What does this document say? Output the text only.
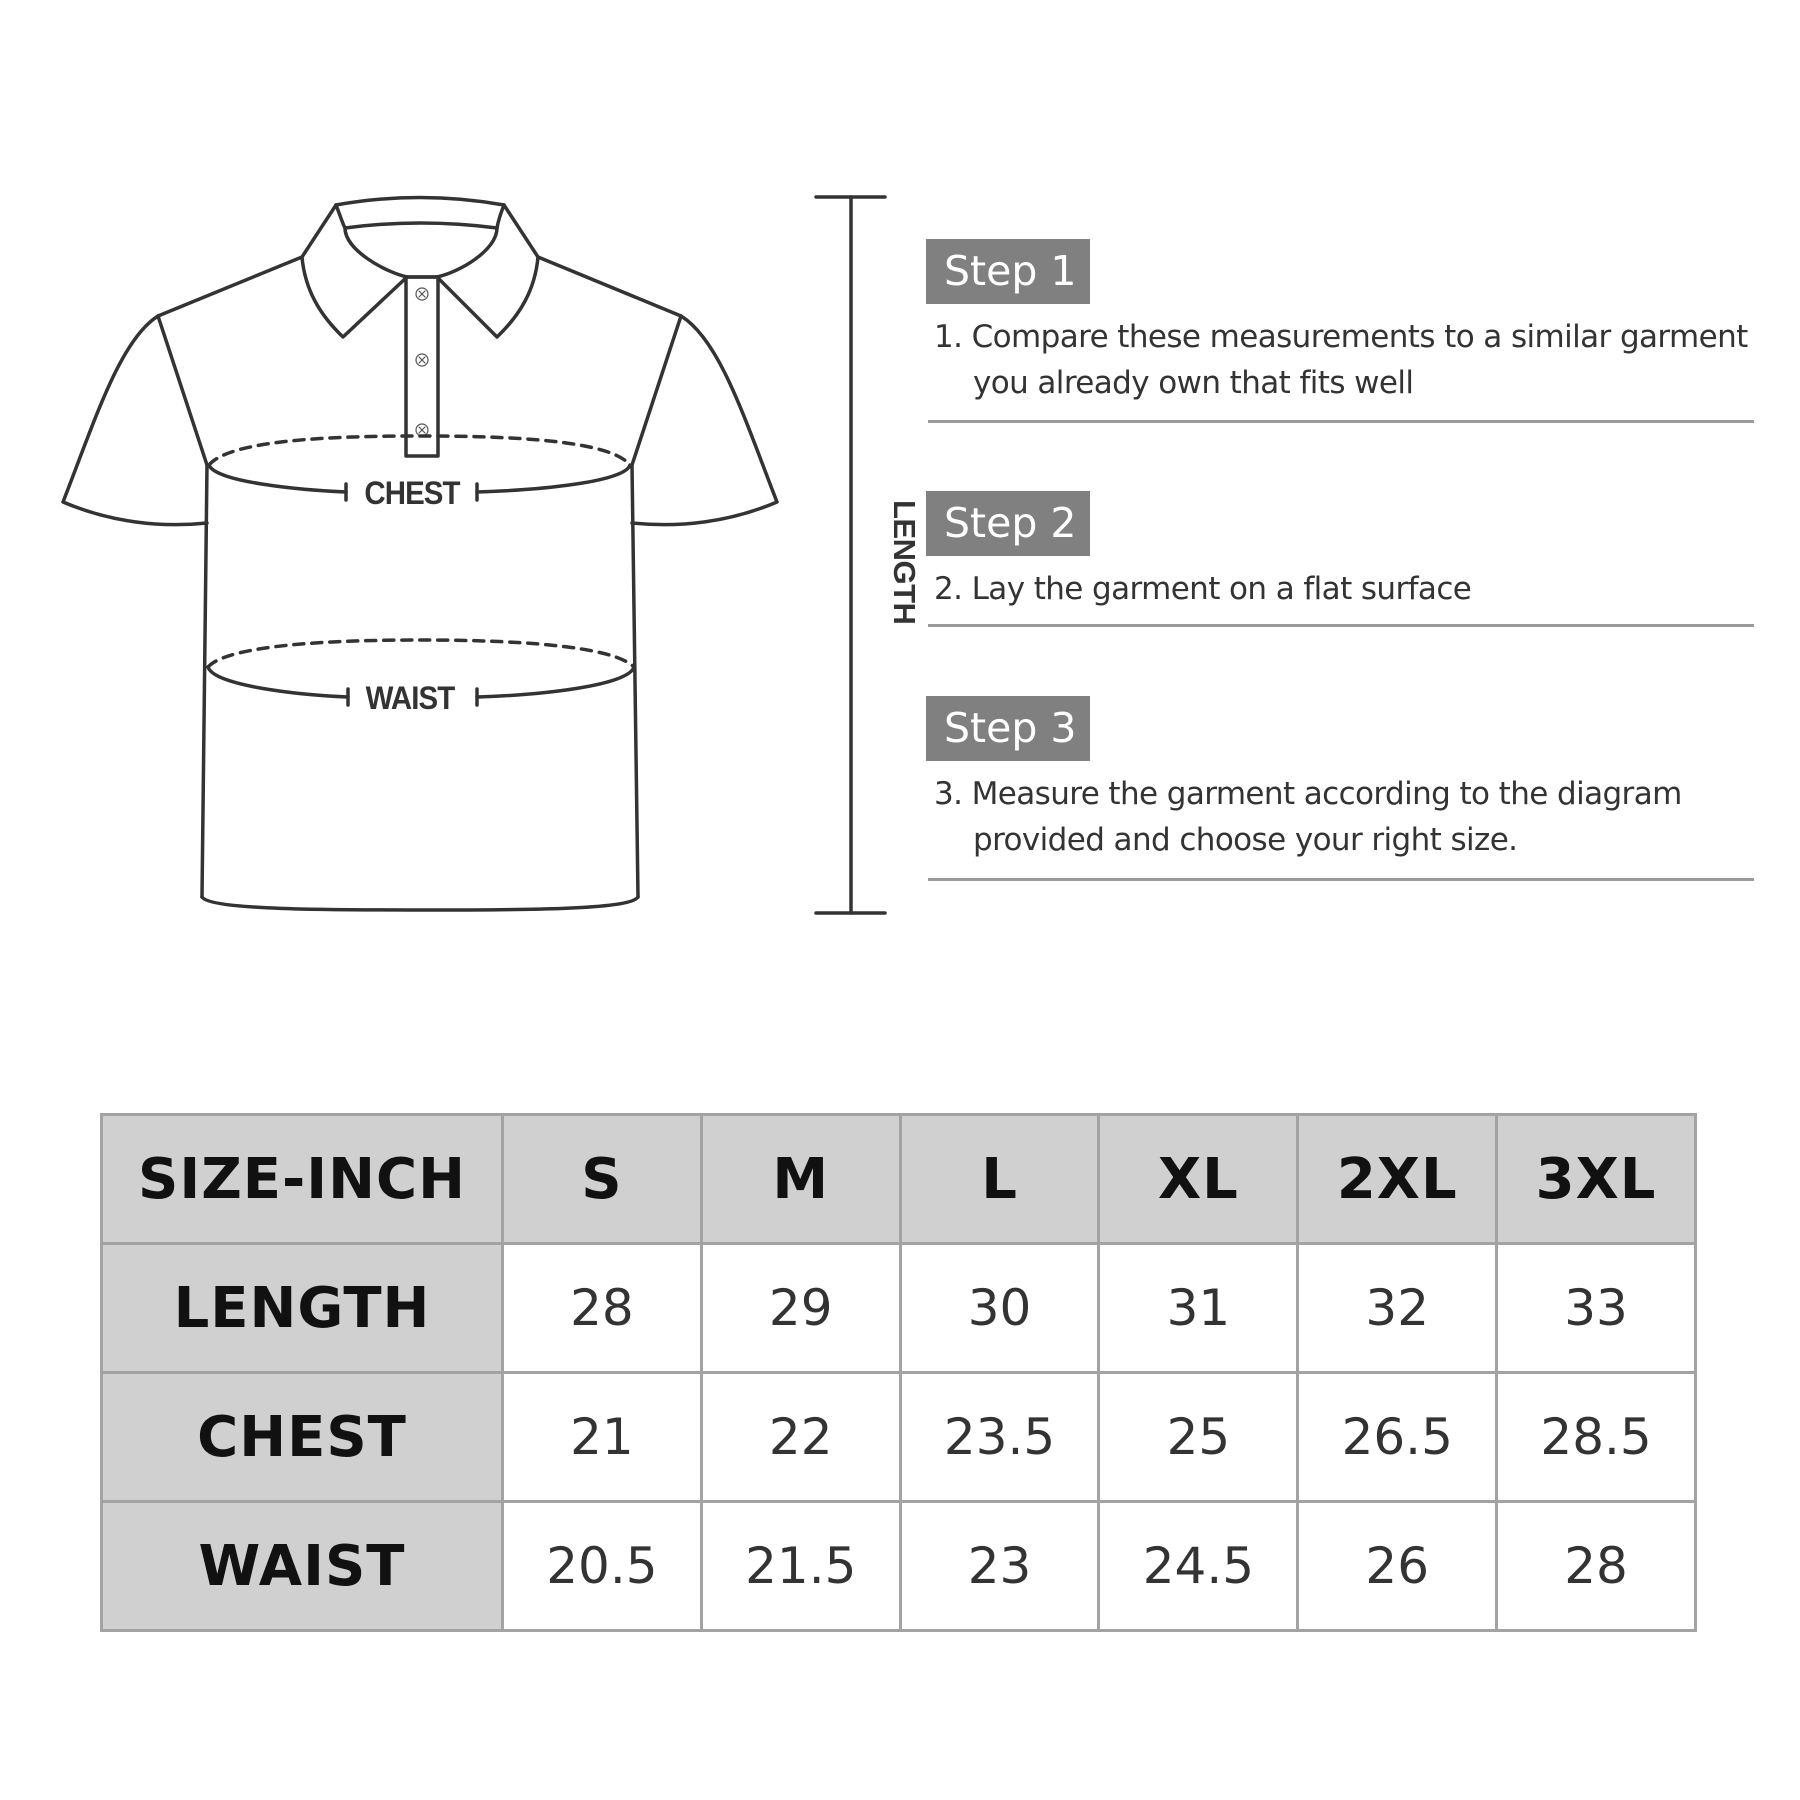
CHEST
WAIST
LENGTH
Step 1
1. Compare these measurements to a similar garment you already own that fits well
Step 2
2. Lay the garment on a flat surface
Step 3
3. Measure the garment according to the diagram provided and choose your right size.
SIZE-INCH	S	M	L	XL	2XL	3XL
LENGTH	28	29	30	31	32	33
CHEST	21	22	23.5	25	26.5	28.5
WAIST	20.5	21.5	23	24.5	26	28
